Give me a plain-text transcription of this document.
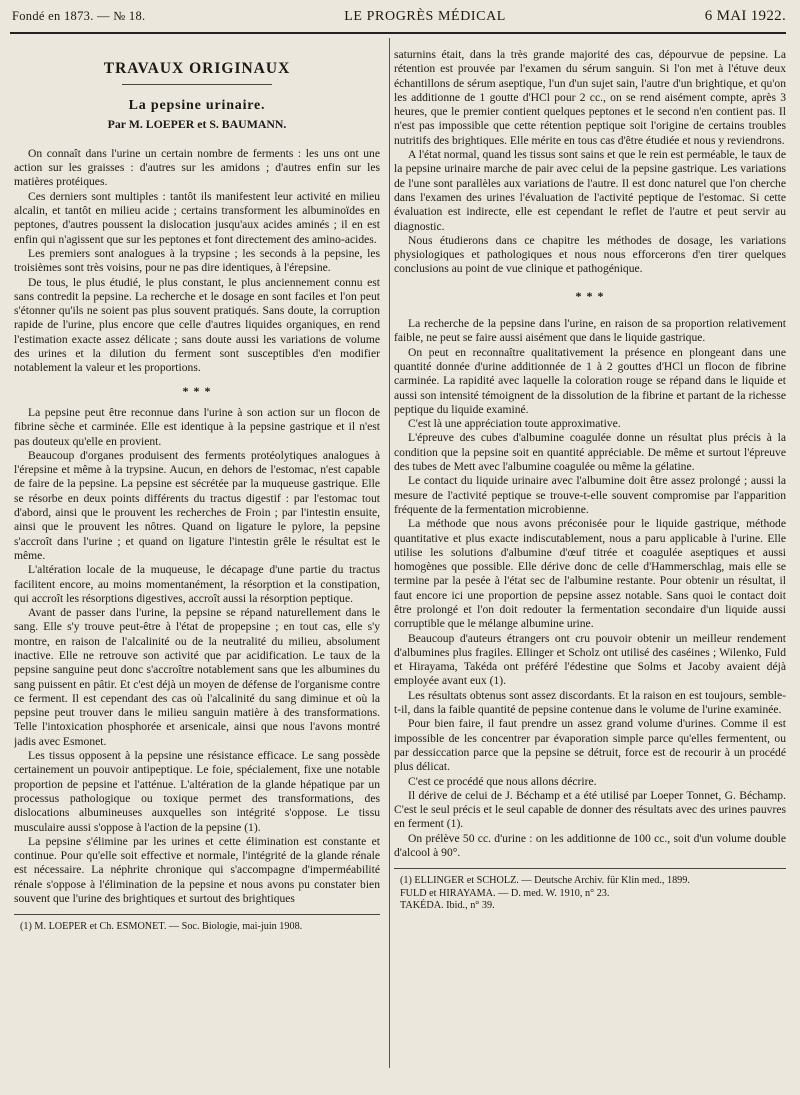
Fondé en 1873. — № 18.	LE PROGRÈS MÉDICAL	6 MAI 1922.
TRAVAUX ORIGINAUX
La pepsine urinaire.
Par M. LOEPER et S. BAUMANN.

On connaît dans l'urine un certain nombre de ferments : les uns ont une action sur les graisses : d'autres sur les amidons ; d'autres enfin sur les matières protéiques.

Ces derniers sont multiples : tantôt ils manifestent leur activité en milieu alcalin, et tantôt en milieu acide ; certains transforment les albuminoïdes en peptones, d'autres poussent la dislocation jusqu'aux acides aminés ; il en est enfin qui n'agissent que sur les peptones et font directement des amino-acides.

Les premiers sont analogues à la trypsine ; les seconds à la pepsine, les troisièmes sont très voisins, pour ne pas dire identiques, à l'érepsine.

De tous, le plus étudié, le plus constant, le plus anciennement connu est sans contredit la pepsine. La recherche et le dosage en sont faciles et l'on peut s'étonner qu'ils ne soient pas plus souvent pratiqués. Sans doute, la corruption rapide de l'urine, plus encore que celle d'autres liquides organiques, en rend l'estimation exacte assez délicate ; sans doute aussi les variations de volume des urines et la dilution du ferment sont susceptibles d'en modifier notablement la valeur et les proportions.

* * *

La pepsine peut être reconnue dans l'urine à son action sur un flocon de fibrine sèche et carminée. Elle est identique à la pepsine gastrique et il n'est pas douteux qu'elle en provient.

Beaucoup d'organes produisent des ferments protéolytiques analogues à l'érepsine et même à la trypsine. Aucun, en dehors de l'estomac, n'est capable de faire de la pepsine. La pepsine est sécrétée par la muqueuse gastrique. Elle se résorbe en deux points différents du tractus digestif : par l'estomac tout d'abord, ainsi que le prouvent les recherches de Froin ; par l'intestin ensuite, ainsi que le prouvent les nôtres. Quand on ligature le pylore, la pepsine s'accroît dans l'urine ; et quand on ligature l'intestin grêle le résultat est le même.

L'altération locale de la muqueuse, le décapage d'une partie du tractus facilitent encore, au moins momentanément, la résorption et la constipation, qui accroît les résorptions digestives, accroît aussi la résorption peptique.

Avant de passer dans l'urine, la pepsine se répand naturellement dans le sang. Elle s'y trouve peut-être à l'état de propepsine ; en tout cas, elle s'y montre, en raison de l'alcalinité ou de la neutralité du milieu, absolument inactive. Elle ne retrouve son activité que par acidification. Le taux de la pepsine sanguine peut donc s'accroître notablement sans que les albumines du sang puissent en pâtir. Et c'est déjà un moyen de défense de l'organisme contre ce ferment. Il est cependant des cas où l'alcalinité du sang diminue et où la pepsine peut trouver dans le milieu sanguin matière à des transformations. Telle l'intoxication phosphorée et arsenicale, ainsi que nous l'avons montré jadis avec Esmonet.

Les tissus opposent à la pepsine une résistance efficace. Le sang possède certainement un pouvoir antipeptique. Le foie, spécialement, fixe une notable proportion de pepsine et l'atténue. L'altération de la glande hépatique par un processus pathologique ou toxique permet des transformations, des dislocations albumineuses auxquelles son intégrité s'oppose. Le tissu musculaire aussi s'oppose à l'action de la pepsine (1).

La pepsine s'élimine par les urines et cette élimination est constante et continue. Pour qu'elle soit effective et normale, l'intégrité de la glande rénale est nécessaire. La néphrite chronique qui s'accompagne d'imperméabilité rénale s'oppose à l'élimination de la pepsine et nous avons pu constater bien souvent que l'urine des brightiques et surtout des brightiques

(1) M. LOEPER et Ch. ESMONET. — Soc. Biologie, mai-juin 1908.

saturnins était, dans la très grande majorité des cas, dépourvue de pepsine. La rétention est prouvée par l'examen du sérum sanguin. Si l'on met à l'étuve deux échantillons de sérum aseptique, l'un d'un sujet sain, l'autre d'un brightique, et qu'on les additionne de 1 goutte d'HCl pour 2 cc., on se rend aisément compte, après 3 heures, que le premier contient quelques peptones et le second n'en contient pas. Il n'est pas impossible que cette rétention peptique soit l'origine de certains troubles nutritifs des brightiques. Elle mérite en tous cas d'être étudiée et nous y reviendrons.

A l'état normal, quand les tissus sont sains et que le rein est perméable, le taux de la pepsine urinaire marche de pair avec celui de la pepsine gastrique. Les variations de l'une sont parallèles aux variations de l'autre. Il est donc naturel que l'on cherche dans l'examen des urines l'évaluation de l'activité peptique de l'estomac. Si cette évaluation est indirecte, elle est cependant le reflet de l'autre et peut servir au diagnostic.

Nous étudierons dans ce chapitre les méthodes de dosage, les variations physiologiques et pathologiques et nous nous efforcerons d'en tirer quelques conclusions au point de vue clinique et pathogénique.

* * *

La recherche de la pepsine dans l'urine, en raison de sa proportion relativement faible, ne peut se faire aussi aisément que dans le liquide gastrique.

On peut en reconnaître qualitativement la présence en plongeant dans une quantité donnée d'urine additionnée de 1 à 2 gouttes d'HCl un flocon de fibrine carminée. La rapidité avec laquelle la coloration rouge se répand dans le liquide et aussi son intensité témoignent de la dissolution de la fibrine et partant de la richesse peptique du liquide examiné.

C'est là une appréciation toute approximative.

L'épreuve des cubes d'albumine coagulée donne un résultat plus précis à la condition que la pepsine soit en quantité appréciable. De même et surtout l'épreuve des tubes de Mett avec l'albumine coagulée ou même la gélatine.

Le contact du liquide urinaire avec l'albumine doit être assez prolongé ; aussi la mesure de l'activité peptique se trouve-t-elle souvent compromise par l'apparition fréquente de la fermentation microbienne.

La méthode que nous avons préconisée pour le liquide gastrique, méthode quantitative et plus exacte indiscutablement, nous a paru applicable à l'urine. Elle utilise les solutions d'albumine d'œuf titrée et coagulée aseptiques et aussi homogènes que possible. Elle dérive donc de celle d'Hammerschlag, mais elle se termine par la pesée à l'état sec de l'albumine restante. Pour obtenir un résultat, il faut encore ici une proportion de pepsine assez notable. Sans quoi le contact doit être prolongé et l'on doit redouter la fermentation secondaire d'un liquide aussi corruptible que le mélange albumine urine.

Beaucoup d'auteurs étrangers ont cru pouvoir obtenir un meilleur rendement d'albumines plus fragiles. Ellinger et Scholz ont utilisé des caséines ; Wilenko, Fuld et Hirayama, Takéda ont préféré l'édestine que Solms et Jacoby avaient déjà employée avant eux (1).

Les résultats obtenus sont assez discordants. Et la raison en est toujours, semble-t-il, dans la faible quantité de pepsine contenue dans le volume de l'urine examinée.

Pour bien faire, il faut prendre un assez grand volume d'urines. Comme il est impossible de les concentrer par évaporation simple parce qu'elles fermentent, ou par dessiccation parce que la pepsine se détruit, force est de recourir à un procédé plus délicat.

C'est ce procédé que nous allons décrire.

Il dérive de celui de J. Béchamp et a été utilisé par Loeper Tonnet, G. Béchamp. C'est le seul précis et le seul capable de donner des résultats avec des urines pauvres en ferment (1).

On prélève 50 cc. d'urine : on les additionne de 100 cc., soit d'un volume double d'alcool à 90°.

(1) ELLINGER et SCHOLZ. — Deutsche Archiv. für Klin med., 1899.

FULD et HIRAYAMA. — D. med. W. 1910, n° 23.

TAKÉDA. Ibid., n° 39.
